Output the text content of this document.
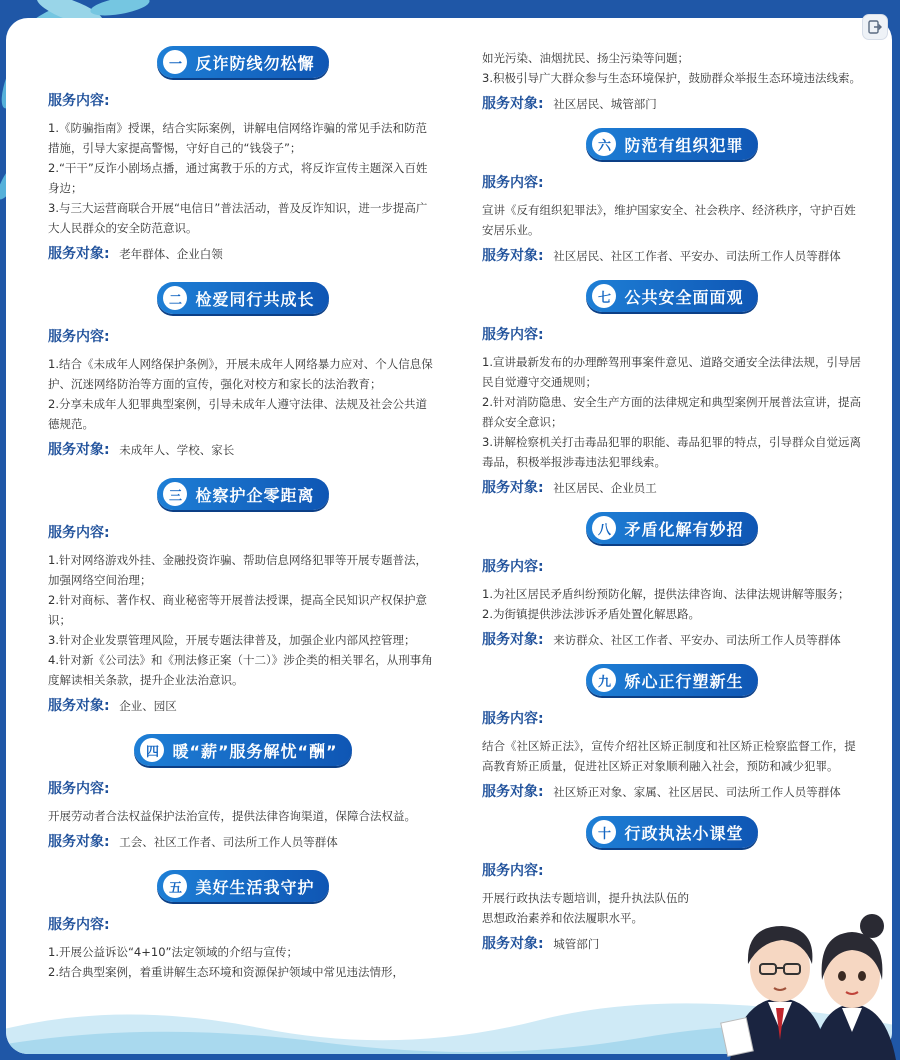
一 反诈防线勿松懈
服务内容:

1.《防骗指南》授课，结合实际案例，讲解电信网络诈骗的常见手法和防范措施，引导大家提高警惕，守好自己的“钱袋子”；

2.“干干”反诈小剧场点播，通过寓教于乐的方式，将反诈宣传主题深入百姓身边；

3.与三大运营商联合开展“电信日”普法活动，普及反诈知识，进一步提高广大人民群众的安全防范意识。

服务对象: 老年群体、企业白领
二 检爱同行共成长
服务内容:

1.结合《未成年人网络保护条例》，开展未成年人网络暴力应对、个人信息保护、沉迷网络防治等方面的宣传，强化对校方和家长的法治教育；

2.分享未成年人犯罪典型案例，引导未成年人遵守法律、法规及社会公共道德规范。

服务对象: 未成年人、学校、家长
三 检察护企零距离
服务内容:

1.针对网络游戏外挂、金融投资诈骗、帮助信息网络犯罪等开展专题普法，加强网络空间治理；

2.针对商标、著作权、商业秘密等开展普法授课，提高全民知识产权保护意识；

3.针对企业发票管理风险，开展专题法律普及，加强企业内部风控管理；

4.针对新《公司法》和《刑法修正案（十二）》涉企类的相关罪名，从刑事角度解读相关条款，提升企业法治意识。

服务对象: 企业、园区
四 暖“薪”服务解忧“酬”
服务内容:

开展劳动者合法权益保护法治宣传，提供法律咨询渠道，保障合法权益。

服务对象: 工会、社区工作者、司法所工作人员等群体
五 美好生活我守护
服务内容:

1.开展公益诉讼“4+10”法定领域的介绍与宣传；

2.结合典型案例，着重讲解生态环境和资源保护领域中常见违法情形，

如光污染、油烟扰民、扬尘污染等问题；

3.积极引导广大群众参与生态环境保护，鼓励群众举报生态环境违法线索。

服务对象: 社区居民、城管部门
六 防范有组织犯罪
服务内容:

宣讲《反有组织犯罪法》，维护国家安全、社会秩序、经济秩序，守护百姓安居乐业。

服务对象: 社区居民、社区工作者、平安办、司法所工作人员等群体
七 公共安全面面观
服务内容:

1.宣讲最新发布的办理醉驾刑事案件意见、道路交通安全法律法规，引导居民自觉遵守交通规则；

2.针对消防隐患、安全生产方面的法律规定和典型案例开展普法宣讲，提高群众安全意识；

3.讲解检察机关打击毒品犯罪的职能、毒品犯罪的特点，引导群众自觉远离毒品，积极举报涉毒违法犯罪线索。

服务对象: 社区居民、企业员工
八 矛盾化解有妙招
服务内容:

1.为社区居民矛盾纠纷预防化解，提供法律咨询、法律法规讲解等服务；

2.为街镇提供涉法涉诉矛盾处置化解思路。

服务对象: 来访群众、社区工作者、平安办、司法所工作人员等群体
九 矫心正行塑新生
服务内容:

结合《社区矫正法》，宣传介绍社区矫正制度和社区矫正检察监督工作，提高教育矫正质量，促进社区矫正对象顺利融入社会，预防和减少犯罪。

服务对象: 社区矫正对象、家属、社区居民、司法所工作人员等群体
十 行政执法小课堂
服务内容:

开展行政执法专题培训，提升执法队伍的

思想政治素养和依法履职水平。

服务对象: 城管部门
